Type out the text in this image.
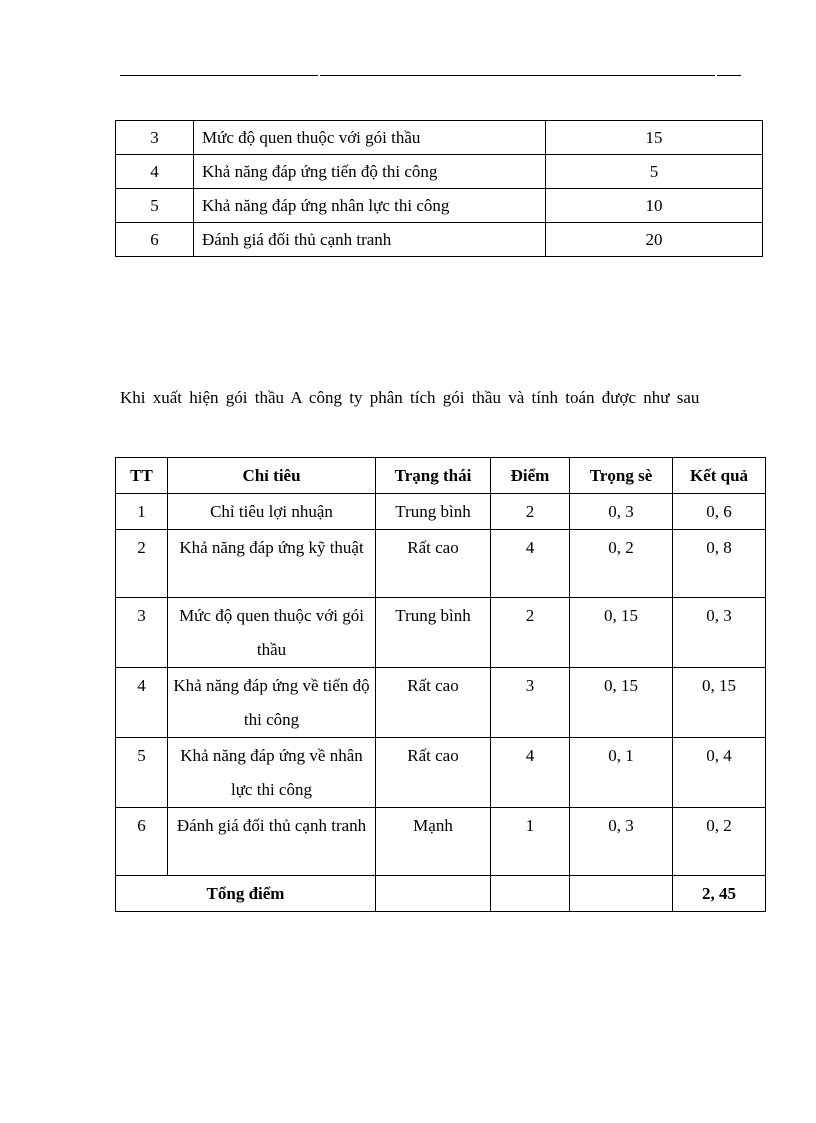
3	Mức độ quen thuộc với gói thầu	15
4	Khả năng đáp ứng tiến độ thi công	5
5	Khả năng đáp ứng nhân lực thi công	10
6	Đánh giá đối thủ cạnh tranh	20

Khi xuất hiện gói thầu A công ty phân tích gói thầu và tính toán được như sau

TT	Chỉ tiêu	Trạng thái	Điểm	Trọng sè	Kết quả
1	Chỉ tiêu lợi nhuận	Trung bình	2	0, 3	0, 6
2	Khả năng đáp ứng kỹ thuật	Rất cao	4	0, 2	0, 8
3	Mức độ quen thuộc với gói thầu	Trung bình	2	0, 15	0, 3
4	Khả năng đáp ứng về tiến độ thi công	Rất cao	3	0, 15	0, 15
5	Khả năng đáp ứng về nhân lực thi công	Rất cao	4	0, 1	0, 4
6	Đánh giá đối thủ cạnh tranh	Mạnh	1	0, 3	0, 2
Tổng điểm					2, 45
